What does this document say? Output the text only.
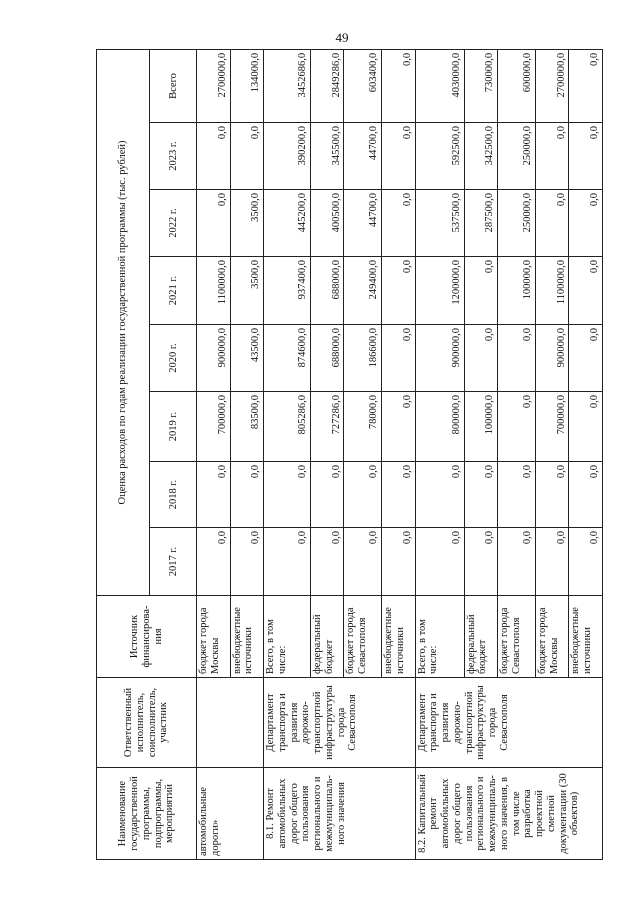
49
Наименование государственной программы, подпрограммы, мероприятий	Ответственный исполнитель, соисполнитель, участник	Источник финансирова-ния	Оценка расходов по годам реализации государственной программы (тыс. рублей)							
			2017 г.	2018 г.	2019 г.	2020 г.	2021 г.	2022 г.	2023 г.	Всего
автомобильные дороги»		бюджет города Москвы	0,0	0,0	700000,0	900000,0	1100000,0	0,0	0,0	2700000,0
		внебюджетные источники	0,0	0,0	83500,0	43500,0	3500,0	3500,0	0,0	134000,0
8.1. Ремонт автомобильных дорог общего пользования регионального и межмуниципаль-ного значения	Департамент транспорта и развития дорожно-транспортной инфраструктуры города Севастополя	Всего, в том числе:	0,0	0,0	805286,0	874600,0	937400,0	445200,0	390200,0	3452686,0
		федеральный бюджет	0,0	0,0	727286,0	688000,0	688000,0	400500,0	345500,0	2849286,0
		бюджет города Севастополя	0,0	0,0	78000,0	186600,0	249400,0	44700,0	44700,0	603400,0
		внебюджетные источники	0,0	0,0	0,0	0,0	0,0	0,0	0,0	0,0
8.2. Капитальный ремонт автомобильных дорог общего пользования регионального и межмуниципаль-ного значения, в том числе разработка проектной сметной документации (30 объектов)	Департамент транспорта и развития дорожно-транспортной инфраструктуры города Севастополя	Всего, в том числе:	0,0	0,0	800000,0	900000,0	1200000,0	537500,0	592500,0	4030000,0
		федеральный бюджет	0,0	0,0	100000,0	0,0	0,0	287500,0	342500,0	730000,0
		бюджет города Севастополя	0,0	0,0	0,0	0,0	100000,0	250000,0	250000,0	600000,0
		бюджет города Москвы	0,0	0,0	700000,0	900000,0	1100000,0	0,0	0,0	2700000,0
		внебюджетные источники	0,0	0,0	0,0	0,0	0,0	0,0	0,0	0,0
